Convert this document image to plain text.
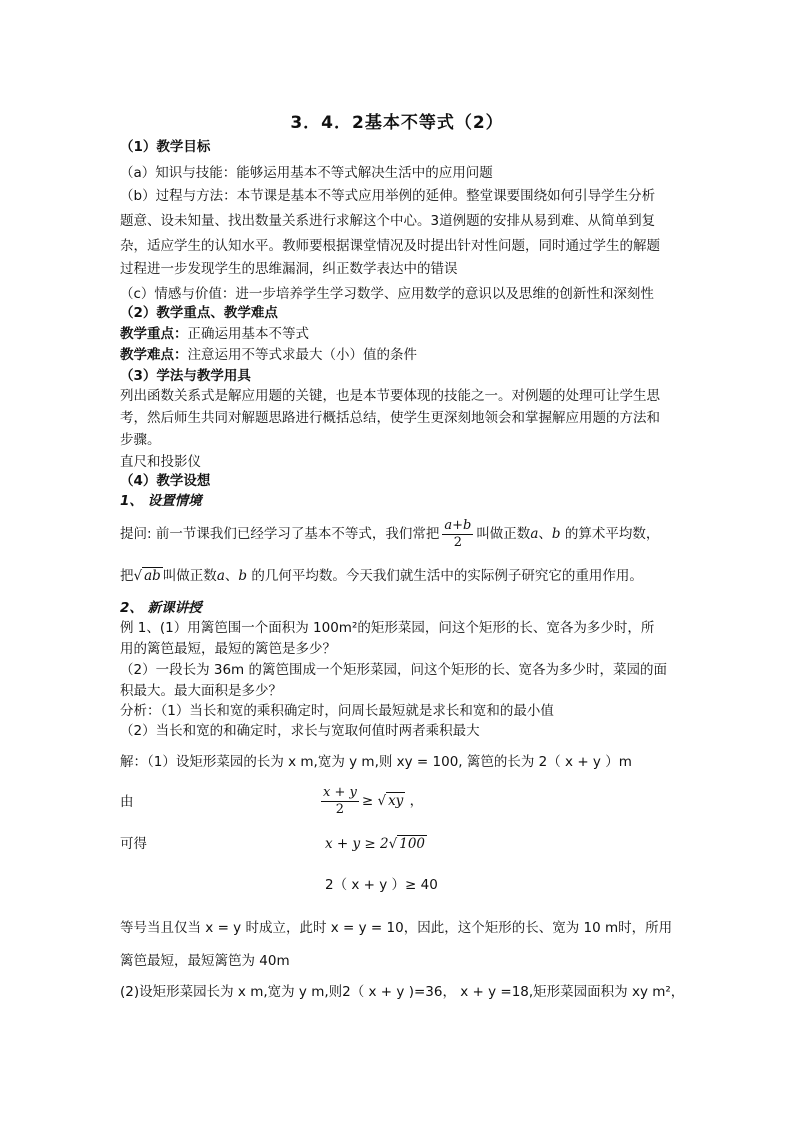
3．4．2基本不等式（2）
（1）教学目标
（a）知识与技能：能够运用基本不等式解决生活中的应用问题
（b）过程与方法：本节课是基本不等式应用举例的延伸。整堂课要围绕如何引导学生分析
题意、设未知量、找出数量关系进行求解这个中心。3道例题的安排从易到难、从简单到复
杂，适应学生的认知水平。教师要根据课堂情况及时提出针对性问题，同时通过学生的解题
过程进一步发现学生的思维漏洞，纠正数学表达中的错误
（c）情感与价值：进一步培养学生学习数学、应用数学的意识以及思维的创新性和深刻性
（2）教学重点、教学难点
教学重点：正确运用基本不等式
教学难点：注意运用不等式求最大（小）值的条件
（3）学法与教学用具
列出函数关系式是解应用题的关键，也是本节要体现的技能之一。对例题的处理可让学生思
考，然后师生共同对解题思路进行概括总结，使学生更深刻地领会和掌握解应用题的方法和
步骤。
直尺和投影仪
（4）教学设想
1、 设置情境
提问: 前一节课我们已经学习了基本不等式，我们常把 $\frac{a+b}{2}$ 叫做正数a、b 的算术平均数，
把√ ab 叫做正数a、b 的几何平均数。今天我们就生活中的实际例子研究它的重用作用。
2、 新课讲授
例 1、(1）用篱笆围一个面积为 100m²的矩形菜园，问这个矩形的长、宽各为多少时，所
用的篱笆最短，最短的篱笆是多少？
（2）一段长为 36m 的篱笆围成一个矩形菜园，问这个矩形的长、宽各为多少时，菜园的面
积最大。最大面积是多少？
分析：（1）当长和宽的乘积确定时，问周长最短就是求长和宽和的最小值
（2）当长和宽的和确定时，求长与宽取何值时两者乘积最大
解：（1）设矩形菜园的长为 x m,宽为 y m,则 xy = 100, 篱笆的长为 2（ x + y ）m
由	$\frac{x + y}{2}$ ≥ √ xy ，
可得	x + y ≥ 2√ 100
2（ x + y ）≥ 40
等号当且仅当 x = y 时成立，此时 x = y = 10，因此，这个矩形的长、宽为 10 m时，所用
篱笆最短，最短篱笆为 40m
(2)设矩形菜园长为 x m,宽为 y m,则2（ x + y )=36， x + y =18,矩形菜园面积为 xy m²，
